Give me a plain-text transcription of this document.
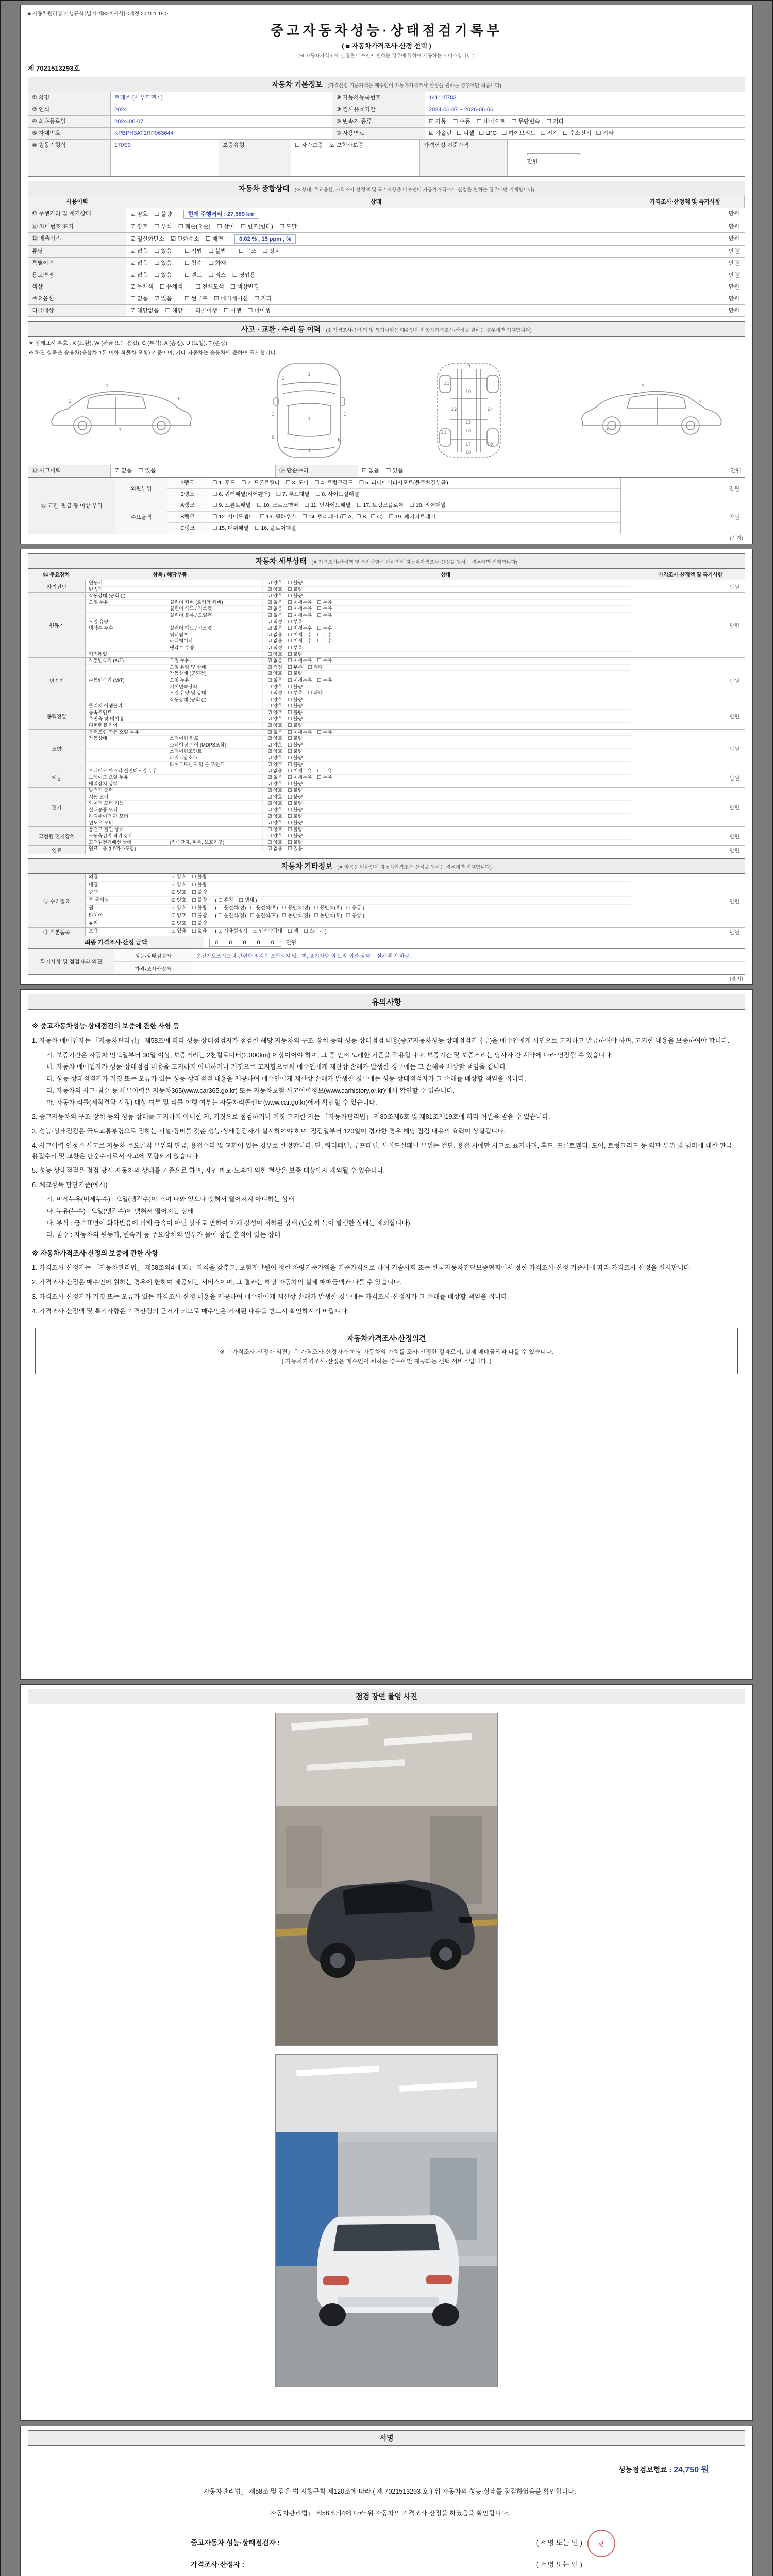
■ 자동차관리법 시행규칙 [별지 제82호서식] <개정 2021.1.19.>
중고자동차성능·상태점검기록부
( ■ 자동차가격조사·산정 선택 )
(※ 자동차가격조사·산정은 매수인이 원하는 경우에 한하여 제공하는 서비스입니다.)
제 7021513293호
자동차 기본정보 (가격산정 기준가격은 매수인이 자동차가격조사·산정을 원하는 경우에만 적습니다)
① 차명	토레스 (세부모델 : )	⑨ 자동차등록번호	141두5783
② 연식	2024	③ 검사유효기간	2024-06-07 ~ 2026-06-06
④ 최초등록일	2024-06-07	⑥ 변속기 종류	☑ 자동    ☐ 수동    ☐ 세미오토    ☐ 무단변속    ☐ 기타
⑤ 차대번호	KPBPH3AT1RP063644	⑦ 사용연료	☑ 가솔린   ☐ 디젤   ☐ LPG   ☐ 하이브리드   ☐ 전기   ☐ 수소전기   ☐ 기타
⑧ 원동기형식	170S0	보증유형	☐ 자가보증    ☑ 보험사보증	가격산정 기준가격

만원

자동차 종합상태 (※ 상태, 주요옵션, 가격조사·산정액 및 특기사항은 매수인이 자동차가격조사·산정을 원하는 경우에만 기재합니다)
사용이력	상태	가격조사·산정액 및 특기사항
⑩ 주행거리 및 계기상태	☑ 양호    ☐ 불량	현재 주행거리 : 27,589 km	만원
⑪ 차대번호 표기	☑ 양호    ☐ 부식    ☐ 훼손(오손)    ☐ 상이    ☐ 변조(변타)    ☐ 도말	만원
⑫ 배출가스	☑ 일산화탄소    ☑ 탄화수소    ☐ 매연	0.02 % , 15 ppm , %	만원
튜닝	☑ 없음    ☐ 있음        ☐ 적법    ☐ 불법        ☐ 구조    ☐ 장치	만원
특별이력	☑ 없음    ☐ 있음        ☐ 침수    ☐ 화재	만원
용도변경	☑ 없음    ☐ 있음        ☐ 렌트    ☐ 리스    ☐ 영업용	만원
색상	☑ 무채색    ☐ 유채색        ☐ 전체도색    ☐ 색상변경	만원
주요옵션	☐ 없음    ☑ 있음        ☐ 썬루프    ☑ 네비게이션    ☐ 기타	만원
리콜대상	☑ 해당없음    ☐ 해당        리콜이행 :  ☐ 이행    ☐ 미이행	만원
사고 · 교환 · 수리 등 이력 (※ 가격조사·산정액 및 특기사항은 매수인이 자동차가격조사·산정을 원하는 경우에만 기재합니다)
※ 상태표시 부호 : X (교환), W (판금 또는 용접), C (부식), A (흠집), U (요철), T (손상)
※ 하단 항목은 승용차(승합차·1톤 이하 화물차 포함) 기준이며, 기타 자동차는 승용차에 준하여 표시합니다.
1
2
3
6
1
7
4
2
6
3	3
8
9
10
11
12
13
14
15
16
17
18
19
5
3
4
⑬ 사고이력	☑ 없음    ☐ 있음	⑭ 단순수리	☑ 없음    ☐ 있음	만원
⑮ 교환, 판금 등 이상 부위
외판부위
1랭크	☐ 1. 후드    ☐ 2. 프론트휀더    ☐ 3. 도어    ☐ 4. 트렁크리드    ☐ 5. 라디에이터서포트(볼트체결부품)
2랭크	☐ 6. 쿼터패널(리어휀더)    ☐ 7. 루프패널    ☐ 8. 사이드실패널
만원
주요골격
A랭크	☐ 9. 프론트패널    ☐ 10. 크로스멤버    ☐ 11. 인사이드패널    ☐ 17. 트렁크플로어    ☐ 18. 리어패널
B랭크	☐ 12. 사이드멤버    ☐ 13. 휠하우스    ☐ 14. 필러패널 (☐ A,  ☐ B,  ☐ C)    ☐ 19. 패키지트레이
C랭크	☐ 15. 대쉬패널    ☐ 16. 플로어패널
만원
(갑지)
자동차 세부상태 (※ 가격조사·산정액 및 특기사항은 매수인이 자동차가격조사·산정을 원하는 경우에만 기재합니다)
⑯ 주요장치	항목 / 해당부품	상태	가격조사·산정액 및 특기사항
자기진단
원동기	☑ 양호    ☐ 불량
변속기	☑ 양호    ☐ 불량	만원
원동기
작동상태 (공회전)	☑ 양호    ☐ 불량
오일 누유	실린더 커버 (로커암 커버)	☑ 없음    ☐ 미세누유    ☐ 누유
실린더 헤드 / 가스켓	☑ 없음    ☐ 미세누유    ☐ 누유
실린더 블록 / 오일팬	☑ 없음    ☐ 미세누유    ☐ 누유
오일 유량	☑ 적정    ☐ 부족
냉각수 누수	실린더 헤드 / 가스켓	☑ 없음    ☐ 미세누수    ☐ 누수
워터펌프	☑ 없음    ☐ 미세누수    ☐ 누수
라디에이터	☑ 없음    ☐ 미세누수    ☐ 누수
냉각수 수량	☑ 적정    ☐ 부족
커먼레일	☐ 양호    ☐ 불량
만원
변속기
자동변속기 (A/T)	오일 누유	☑ 없음    ☐ 미세누유    ☐ 누유
오일 유량 및 상태	☑ 적정    ☐ 부족    ☐ 과다
작동상태 (공회전)	☑ 양호    ☐ 불량
수동변속기 (M/T)	오일 누유	☐ 없음    ☐ 미세누유    ☐ 누유
기어변속장치	☐ 양호    ☐ 불량
오일 유량 및 상태	☐ 적정    ☐ 부족    ☐ 과다
작동상태 (공회전)	☐ 양호    ☐ 불량
만원
동력전달
클러치 어셈블리	☐ 양호    ☐ 불량
등속조인트	☑ 양호    ☐ 불량
추진축 및 베어링	☑ 양호    ☐ 불량
디퍼렌셜 기어	☑ 양호    ☐ 불량
만원
조향
동력조향 작동 오일 누유	☑ 없음    ☐ 미세누유    ☐ 누유
작동상태	스티어링 펌프	☑ 양호    ☐ 불량
스티어링 기어 (MDPS포함)	☑ 양호    ☐ 불량
스티어링조인트	☑ 양호    ☐ 불량
파워고압호스	☑ 양호    ☐ 불량
타이로드엔드 및 볼 조인트	☑ 양호    ☐ 불량
만원
제동
브레이크 마스터 실린더오일 누유	☑ 없음    ☐ 미세누유    ☐ 누유
브레이크 오일 누유	☑ 없음    ☐ 미세누유    ☐ 누유
배력장치 상태	☑ 양호    ☐ 불량
만원
전기
발전기 출력	☑ 양호    ☐ 불량
시동 모터	☑ 양호    ☐ 불량
와이퍼 모터 기능	☑ 양호    ☐ 불량
실내송풍 모터	☑ 양호    ☐ 불량
라디에이터 팬 모터	☑ 양호    ☐ 불량
윈도우 모터	☑ 양호    ☐ 불량
만원
고전원 전기장치
충전구 절연 상태	☐ 양호    ☐ 불량
구동축전지 격리 상태	☐ 양호    ☐ 불량
고전원전기배선 상태	(접속단자, 피복, 보호기구)	☐ 양호    ☐ 불량
만원
연료	연료누출 (LP가스포함)	☑ 없음    ☐ 있음	만원
자동차 기타정보 (※ 항목은 매수인이 자동차가격조사·산정을 원하는 경우에만 기재합니다)
⑰ 수리필요
외장	☑ 양호    ☐ 불량
내장	☑ 양호    ☐ 불량
광택	☑ 양호    ☐ 불량
룸 클리닝	☑ 양호    ☐ 불량      ( ☐ 흔적    ☐ 냄새 )
휠	☑ 양호    ☐ 불량      ( ☐ 운전석(전)   ☐ 운전석(후)   ☐ 동반석(전)   ☐ 동반석(후)   ☐ 응급 )
타이어	☑ 양호    ☐ 불량      ( ☐ 운전석(전)   ☐ 운전석(후)   ☐ 동반석(전)   ☐ 동반석(후)   ☐ 응급 )
유리	☑ 양호    ☐ 불량
만원
⑱ 기본품목	보유	☑ 있음    ☐ 없음      ( ☑ 사용설명서    ☑ 안전삼각대    ☐ 잭    ☐ 스패너 )	만원
최종 가격조사·산정 금액	0 0 0 0 0 만원
특기사항 및 점검자의 의견
성능·상태점검자	운전자보조시스템 관련한 점검은 포함되지 않으며, 표기사항 외 도장·외관 상태는 실차 확인 바람.
가격·조사산정자
(을지)
유의사항
※ 중고자동차성능·상태점검의 보증에 관한 사항 등
1. 자동차 매매업자는 「자동차관리법」 제58조에 따라 성능·상태점검자가 점검한 해당 자동차의 구조·장치 등의 성능·상태점검 내용(중고자동차성능·상태점검기록부)을 매수인에게 서면으로 고지하고 발급하여야 하며, 고지한 내용을 보증하여야 합니다.
가. 보증기간은 자동차 인도일부터 30일 이상, 보증거리는 2천킬로미터(2,000km) 이상이어야 하며, 그 중 먼저 도래한 기준을 적용합니다. 보증기간 및 보증거리는 당사자 간 계약에 따라 연장될 수 있습니다.
나. 자동차 매매업자가 성능·상태점검 내용을 고지하지 아니하거나 거짓으로 고지함으로써 매수인에게 재산상 손해가 발생한 경우에는 그 손해를 배상할 책임을 집니다.
다. 성능·상태점검자가 거짓 또는 오류가 있는 성능·상태점검 내용을 제공하여 매수인에게 재산상 손해가 발생한 경우에는 성능·상태점검자가 그 손해를 배상할 책임을 집니다.
라. 자동차의 사고·침수 등 세부이력은 자동차365(www.car365.go.kr) 또는 자동차보험 사고이력정보(www.carhistory.or.kr)에서 확인할 수 있습니다.
마. 자동차 리콜(제작결함 시정) 대상 여부 및 리콜 이행 여부는 자동차리콜센터(www.car.go.kr)에서 확인할 수 있습니다.
2. 중고자동차의 구조·장치 등의 성능·상태를 고지하지 아니한 자, 거짓으로 점검하거나 거짓 고지한 자는 「자동차관리법」 제80조제6호 및 제81조제19호에 따라 처벌을 받을 수 있습니다.
3. 성능·상태점검은 국토교통부령으로 정하는 시설·장비를 갖춘 성능·상태점검자가 실시하여야 하며, 점검일부터 120일이 경과한 경우 해당 점검 내용의 효력이 상실됩니다.
4. 사고이력 인정은 사고로 자동차 주요골격 부위의 판금, 용접수리 및 교환이 있는 경우로 한정합니다. 단, 쿼터패널, 루프패널, 사이드실패널 부위는 절단, 용접 시에만 사고로 표기하며, 후드, 프론트휀더, 도어, 트렁크리드 등 외판 부위 및 범퍼에 대한 판금, 용접수리 및 교환은 단순수리로서 사고에 포함되지 않습니다.
5. 성능·상태점검은 점검 당시 자동차의 상태를 기준으로 하며, 자연 마모·노후에 의한 현상은 보증 대상에서 제외될 수 있습니다.
6. 체크항목 판단기준(예시)
가. 미세누유(미세누수) : 오일(냉각수)이 스며 나와 있으나 맺혀서 떨어지지 아니하는 상태
나. 누유(누수) : 오일(냉각수)이 맺혀서 떨어지는 상태
다. 부식 : 금속표면이 화학반응에 의해 금속이 아닌 상태로 변하여 차체 강성이 저하된 상태 (단순히 녹이 발생한 상태는 제외합니다)
라. 침수 : 자동차의 원동기, 변속기 등 주요장치의 일부가 물에 잠긴 흔적이 있는 상태
※ 자동차가격조사·산정의 보증에 관한 사항
1. 가격조사·산정자는 「자동차관리법」 제58조의4에 따른 자격을 갖추고, 보험개발원이 정한 차량기준가액을 기준가격으로 하여 기술사회 또는 한국자동차진단보증협회에서 정한 가격조사·산정 기준서에 따라 가격조사·산정을 실시합니다.
2. 가격조사·산정은 매수인이 원하는 경우에 한하여 제공되는 서비스이며, 그 결과는 해당 자동차의 실제 매매금액과 다를 수 있습니다.
3. 가격조사·산정자가 거짓 또는 오류가 있는 가격조사·산정 내용을 제공하여 매수인에게 재산상 손해가 발생한 경우에는 가격조사·산정자가 그 손해를 배상할 책임을 집니다.
4. 가격조사·산정액 및 특기사항은 가격산정의 근거가 되므로 매수인은 기재된 내용을 반드시 확인하시기 바랍니다.
자동차가격조사·산정의견
※ 「가격조사·산정자 의견」은 가격조사·산정자가 해당 자동차의 가치를 조사·산정한 결과로서, 실제 매매금액과 다를 수 있습니다.
( 자동차가격조사·산정은 매수인이 원하는 경우에만 제공되는 선택 서비스입니다. )
점검 장면 촬영 사진
서명
성능점검보험료 : 24,750 원
「자동차관리법」 제58조 및 같은 법 시행규칙 제120조에 따라 ( 제 7021513293 호 ) 위 자동차의 성능·상태를 점검하였음을 확인합니다.
「자동차관리법」 제58조의4에 따라 위 자동차의 가격조사·산정을 하였음을 확인합니다.
중고자동차 성능·상태점검자 :	( 서명 또는 인 )	인
가격조사·산정자 :	( 서명 또는 인 )
